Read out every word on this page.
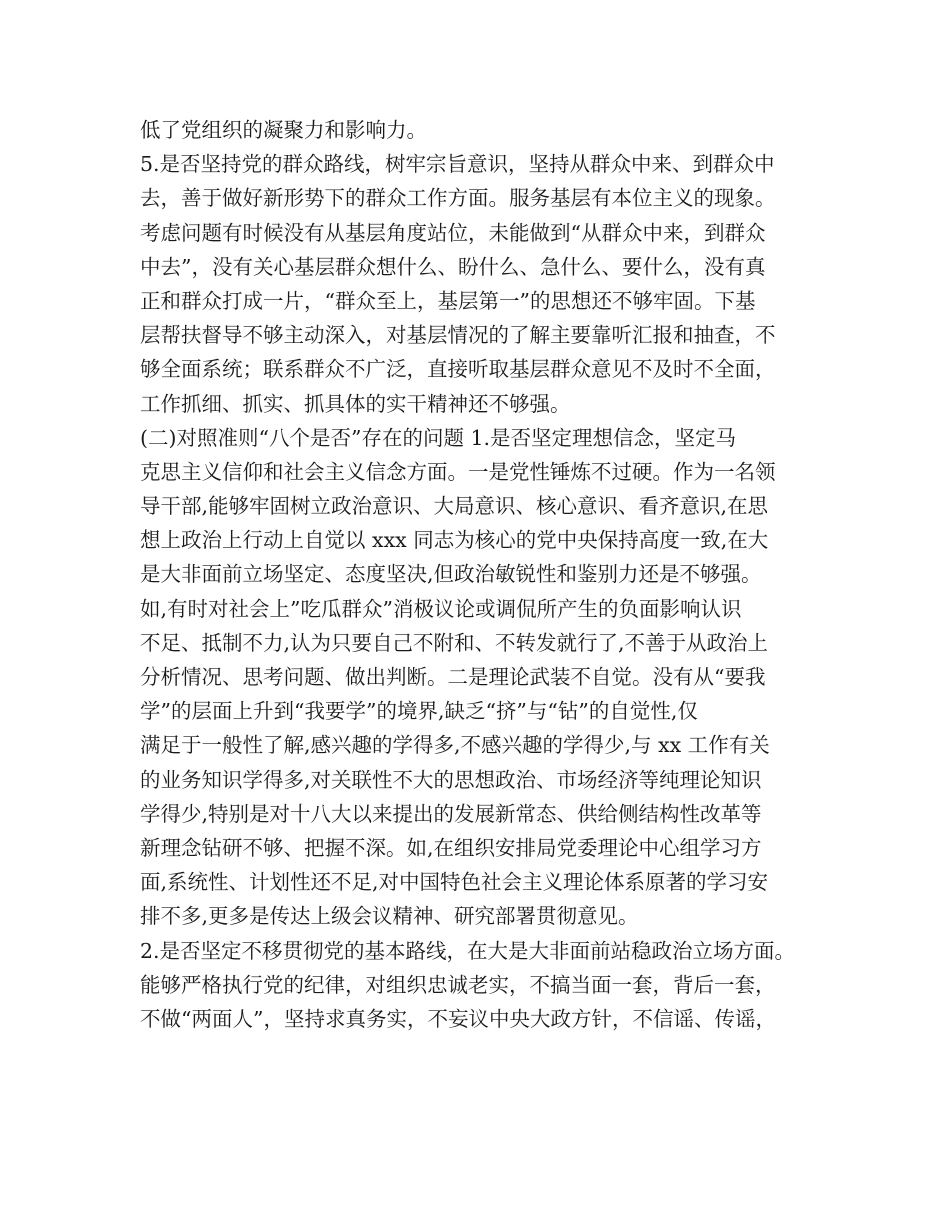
低了党组织的凝聚力和影响力。
5.是否坚持党的群众路线，树牢宗旨意识，坚持从群众中来、到群众中
去，善于做好新形势下的群众工作方面。服务基层有本位主义的现象。
考虑问题有时候没有从基层角度站位，未能做到“从群众中来，到群众
中去”，没有关心基层群众想什么、盼什么、急什么、要什么，没有真
正和群众打成一片，“群众至上，基层第一”的思想还不够牢固。下基
层帮扶督导不够主动深入，对基层情况的了解主要靠听汇报和抽查，不
够全面系统；联系群众不广泛，直接听取基层群众意见不及时不全面，
工作抓细、抓实、抓具体的实干精神还不够强。
(二)对照准则“八个是否”存在的问题 1.是否坚定理想信念，坚定马
克思主义信仰和社会主义信念方面。一是党性锤炼不过硬。作为一名领
导干部,能够牢固树立政治意识、大局意识、核心意识、看齐意识,在思
想上政治上行动上自觉以 xxx 同志为核心的党中央保持高度一致,在大
是大非面前立场坚定、态度坚决,但政治敏锐性和鉴别力还是不够强。
如,有时对社会上”吃瓜群众”消极议论或调侃所产生的负面影响认识
不足、抵制不力,认为只要自己不附和、不转发就行了,不善于从政治上
分析情况、思考问题、做出判断。二是理论武装不自觉。没有从“要我
学”的层面上升到“我要学”的境界,缺乏“挤”与“钻”的自觉性,仅
满足于一般性了解,感兴趣的学得多,不感兴趣的学得少,与 xx 工作有关
的业务知识学得多,对关联性不大的思想政治、市场经济等纯理论知识
学得少,特别是对十八大以来提出的发展新常态、供给侧结构性改革等
新理念钻研不够、把握不深。如,在组织安排局党委理论中心组学习方
面,系统性、计划性还不足,对中国特色社会主义理论体系原著的学习安
排不多,更多是传达上级会议精神、研究部署贯彻意见。
2.是否坚定不移贯彻党的基本路线，在大是大非面前站稳政治立场方面。
能够严格执行党的纪律，对组织忠诚老实，不搞当面一套，背后一套，
不做“两面人”，坚持求真务实，不妄议中央大政方针，不信谣、传谣，
